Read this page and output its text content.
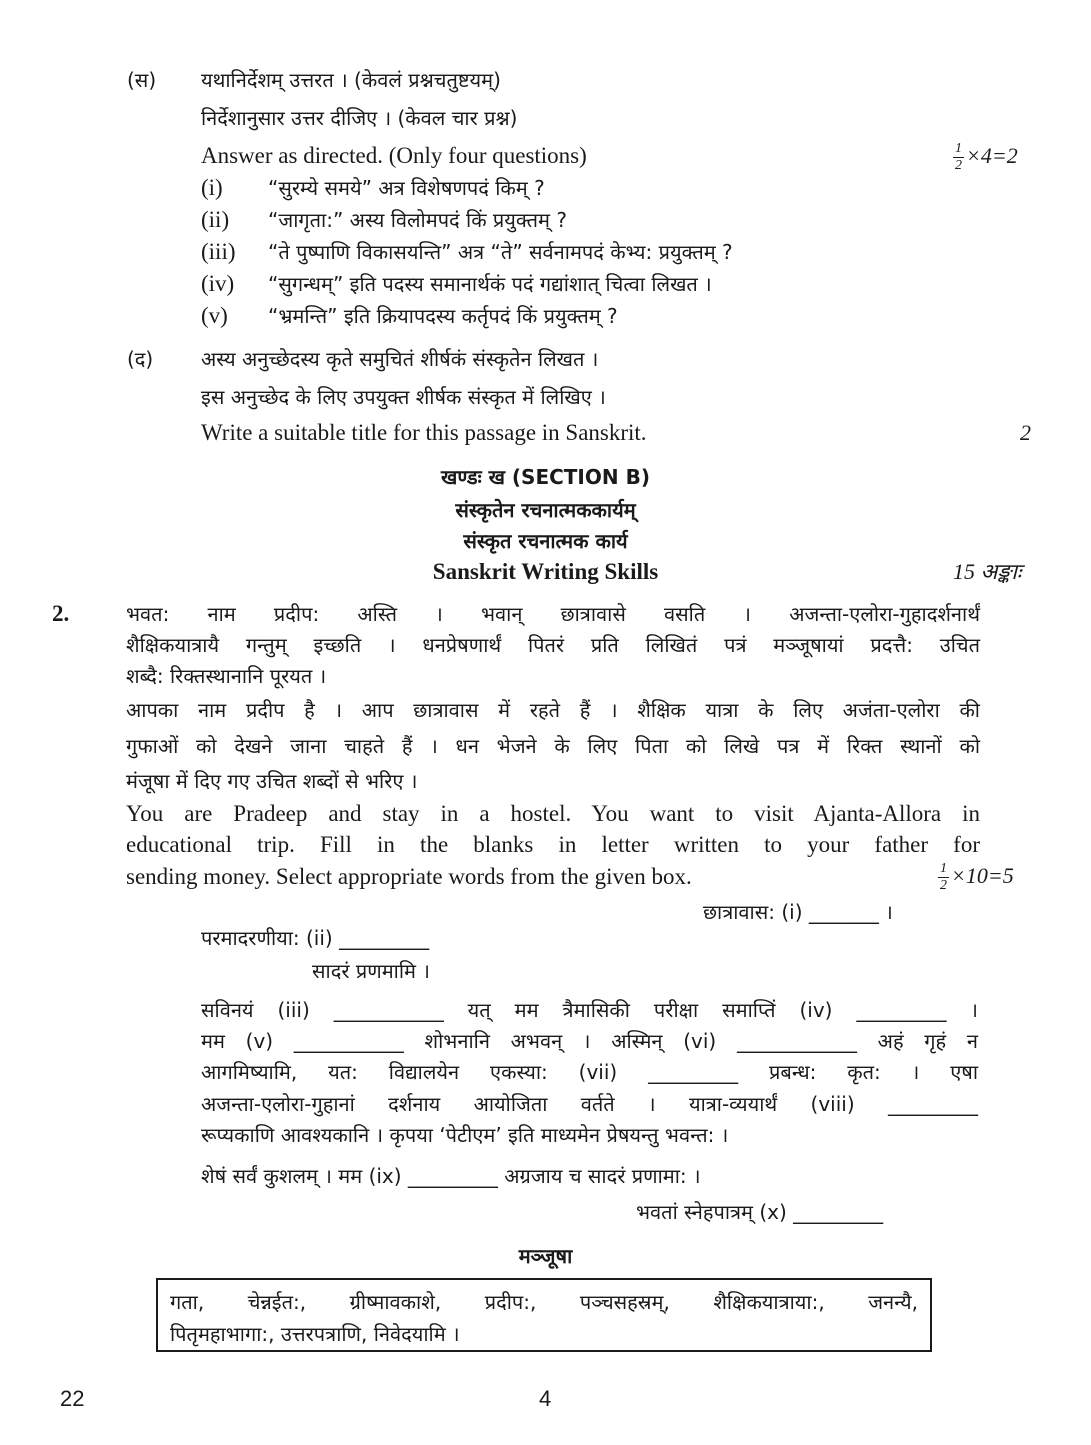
(स) यथानिर्देशम् उत्तरत । (केवलं प्रश्नचतुष्टयम्)
निर्देशानुसार उत्तर दीजिए । (केवल चार प्रश्न)
Answer as directed. (Only four questions)	$\frac{1}{2} \times 4=2$
(i) “सुरम्ये समये” अत्र विशेषणपदं किम् ?
(ii) “जागृता:” अस्य विलोमपदं किं प्रयुक्तम् ?
(iii) “ते पुष्पाणि विकासयन्ति” अत्र “ते” सर्वनामपदं केभ्य: प्रयुक्तम् ?
(iv) “सुगन्धम्” इति पदस्य समानार्थकं पदं गद्यांशात् चित्वा लिखत ।
(v) “भ्रमन्ति” इति क्रियापदस्य कर्तृपदं किं प्रयुक्तम् ?
(द) अस्य अनुच्छेदस्य कृते समुचितं शीर्षकं संस्कृतेन लिखत ।
इस अनुच्छेद के लिए उपयुक्त शीर्षक संस्कृत में लिखिए ।
Write a suitable title for this passage in Sanskrit.	2
खण्डः ख (SECTION B)
संस्कृतेन रचनात्मककार्यम्
संस्कृत रचनात्मक कार्य
Sanskrit Writing Skills	15 अङ्काः
2.	भवत: नाम प्रदीप: अस्ति । भवान् छात्रावासे वसति । अजन्ता-एलोरा-गुहादर्शनार्थं
शैक्षिकयात्रायै गन्तुम् इच्छति । धनप्रेषणार्थं पितरं प्रति लिखितं पत्रं मञ्जूषायां प्रदत्तै: उचित
शब्दै: रिक्तस्थानानि पूरयत ।
आपका नाम प्रदीप है । आप छात्रावास में रहते हैं । शैक्षिक यात्रा के लिए अजंता-एलोरा की
गुफाओं को देखने जाना चाहते हैं । धन भेजने के लिए पिता को लिखे पत्र में रिक्त स्थानों को
मंजूषा में दिए गए उचित शब्दों से भरिए ।
You are Pradeep and stay in a hostel. You want to visit Ajanta-Allora in
educational trip. Fill in the blanks in letter written to your father for
sending money. Select appropriate words from the given box.	$\frac{1}{2} \times 10=5$
छात्रावास: (i) _______ ।
परमादरणीया: (ii) _________
सादरं प्रणमामि ।
सविनयं (iii) ___________ यत् मम त्रैमासिकी परीक्षा समाप्तिं (iv) _________ ।
मम (v) ___________ शोभनानि अभवन् । अस्मिन् (vi) ____________ अहं गृहं न
आगमिष्यामि, यत: विद्यालयेन एकस्या: (vii) _________ प्रबन्ध: कृत: । एषा
अजन्ता-एलोरा-गुहानां दर्शनाय आयोजिता वर्तते । यात्रा-व्ययार्थं (viii) _________
रूप्यकाणि आवश्यकानि । कृपया ‘पेटीएम’ इति माध्यमेन प्रेषयन्तु भवन्त: ।
शेषं सर्वं कुशलम् । मम (ix) _________ अग्रजाय च सादरं प्रणामा: ।
भवतां स्नेहपात्रम् (x) _________
मञ्जूषा
गता, चेन्नईत:, ग्रीष्मावकाशे, प्रदीप:, पञ्चसहस्रम्, शैक्षिकयात्राया:, जनन्यै,
पितृमहाभागा:, उत्तरपत्राणि, निवेदयामि ।
22	4
